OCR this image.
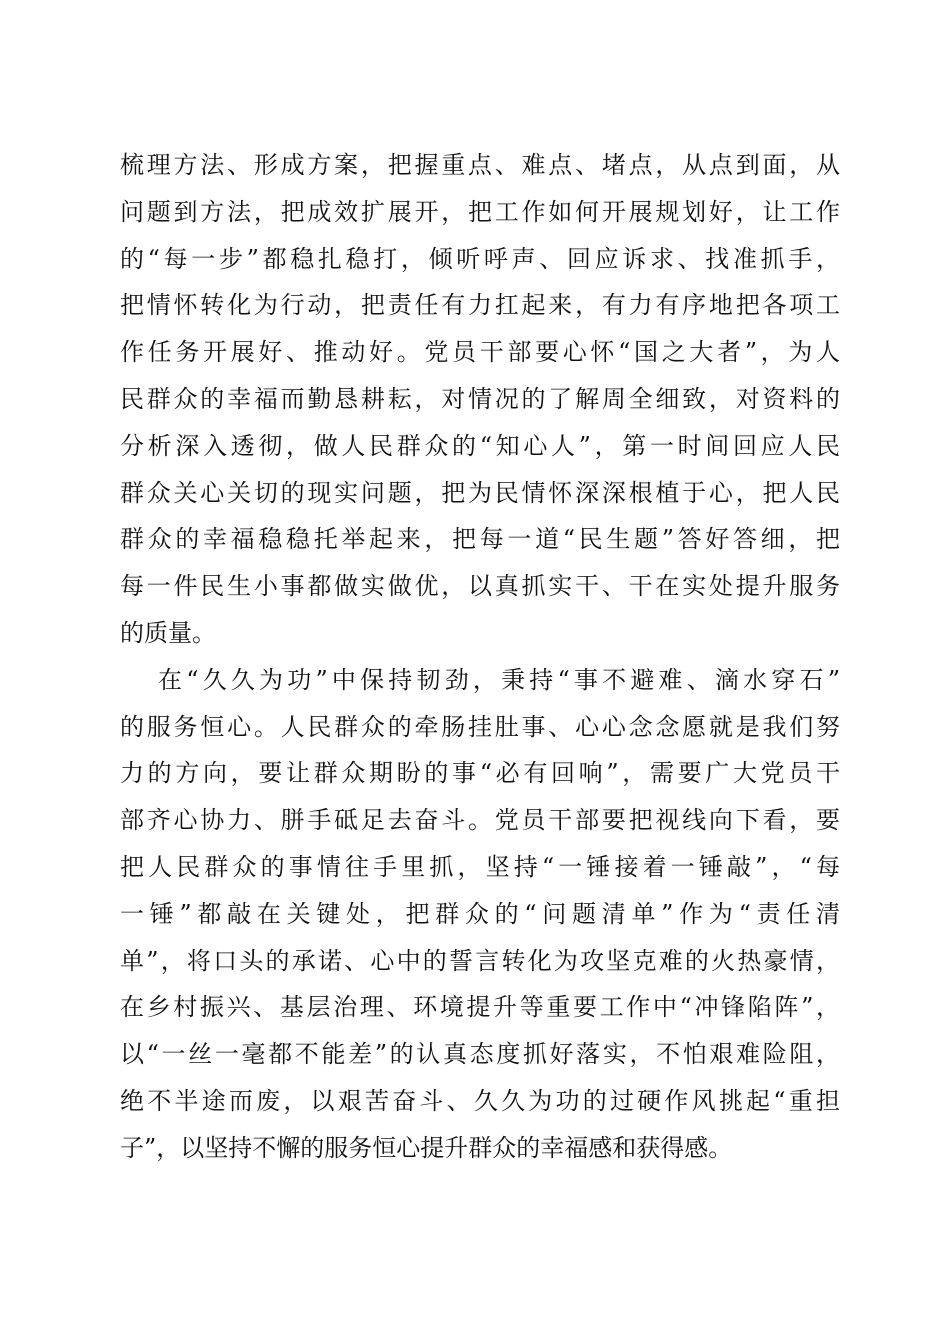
梳理方法、形成方案，把握重点、难点、堵点，从点到面，从
问题到方法，把成效扩展开，把工作如何开展规划好，让工作
的“每一步”都稳扎稳打，倾听呼声、回应诉求、找准抓手，
把情怀转化为行动，把责任有力扛起来，有力有序地把各项工
作任务开展好、推动好。党员干部要心怀“国之大者”，为人
民群众的幸福而勤恳耕耘，对情况的了解周全细致，对资料的
分析深入透彻，做人民群众的“知心人”，第一时间回应人民
群众关心关切的现实问题，把为民情怀深深根植于心，把人民
群众的幸福稳稳托举起来，把每一道“民生题”答好答细，把
每一件民生小事都做实做优，以真抓实干、干在实处提升服务
的质量。
在“久久为功”中保持韧劲，秉持“事不避难、滴水穿石”
的服务恒心。人民群众的牵肠挂肚事、心心念念愿就是我们努
力的方向，要让群众期盼的事“必有回响”，需要广大党员干
部齐心协力、胼手砥足去奋斗。党员干部要把视线向下看，要
把人民群众的事情往手里抓，坚持“一锤接着一锤敲”，“每
一锤”都敲在关键处，把群众的“问题清单”作为“责任清
单”，将口头的承诺、心中的誓言转化为攻坚克难的火热豪情，
在乡村振兴、基层治理、环境提升等重要工作中“冲锋陷阵”，
以“一丝一毫都不能差”的认真态度抓好落实，不怕艰难险阻，
绝不半途而废，以艰苦奋斗、久久为功的过硬作风挑起“重担
子”，以坚持不懈的服务恒心提升群众的幸福感和获得感。
